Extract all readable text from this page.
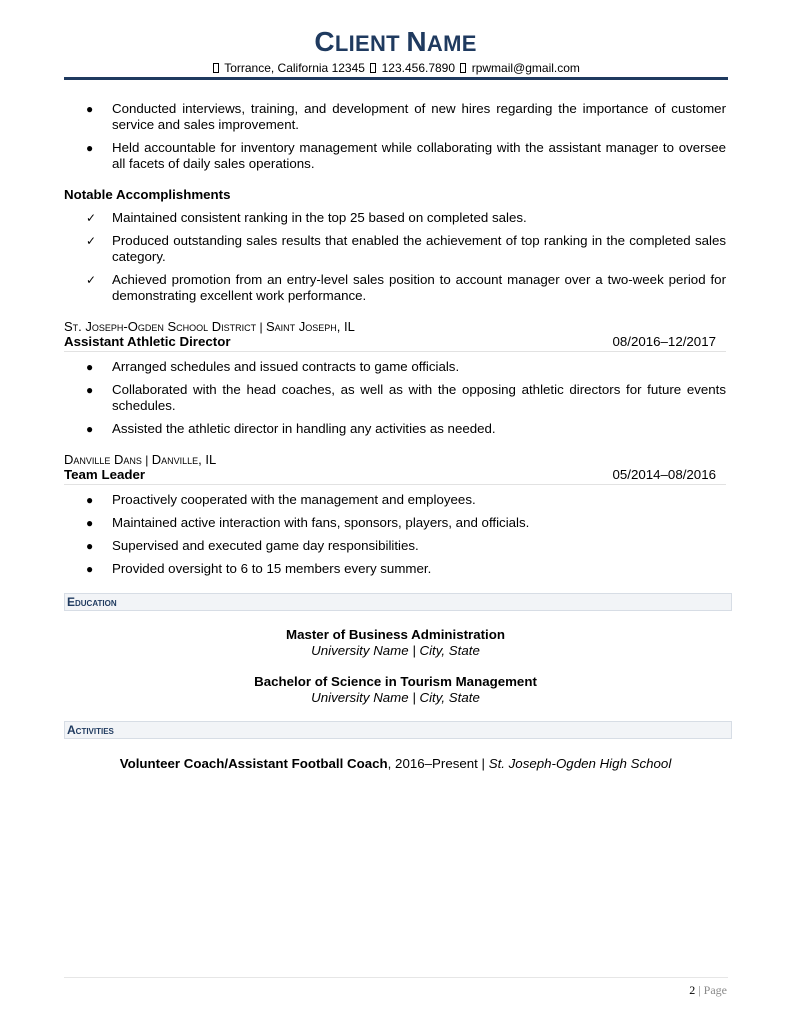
CLIENT NAME
Torrance, California 12345 123.456.7890 rpwmail@gmail.com
● Conducted interviews, training, and development of new hires regarding the importance of customer service and sales improvement.
● Held accountable for inventory management while collaborating with the assistant manager to oversee all facets of daily sales operations.
Notable Accomplishments
✓ Maintained consistent ranking in the top 25 based on completed sales.
✓ Produced outstanding sales results that enabled the achievement of top ranking in the completed sales category.
✓ Achieved promotion from an entry-level sales position to account manager over a two-week period for demonstrating excellent work performance.
St. Joseph-Ogden School District | Saint Joseph, IL
Assistant Athletic Director	08/2016–12/2017
● Arranged schedules and issued contracts to game officials.
● Collaborated with the head coaches, as well as with the opposing athletic directors for future events schedules.
● Assisted the athletic director in handling any activities as needed.
Danville Dans | Danville, IL
Team Leader	05/2014–08/2016
● Proactively cooperated with the management and employees.
● Maintained active interaction with fans, sponsors, players, and officials.
● Supervised and executed game day responsibilities.
● Provided oversight to 6 to 15 members every summer.
Education
Master of Business Administration
University Name | City, State
Bachelor of Science in Tourism Management
University Name | City, State
Activities
Volunteer Coach/Assistant Football Coach, 2016–Present | St. Joseph-Ogden High School
2 | Page
